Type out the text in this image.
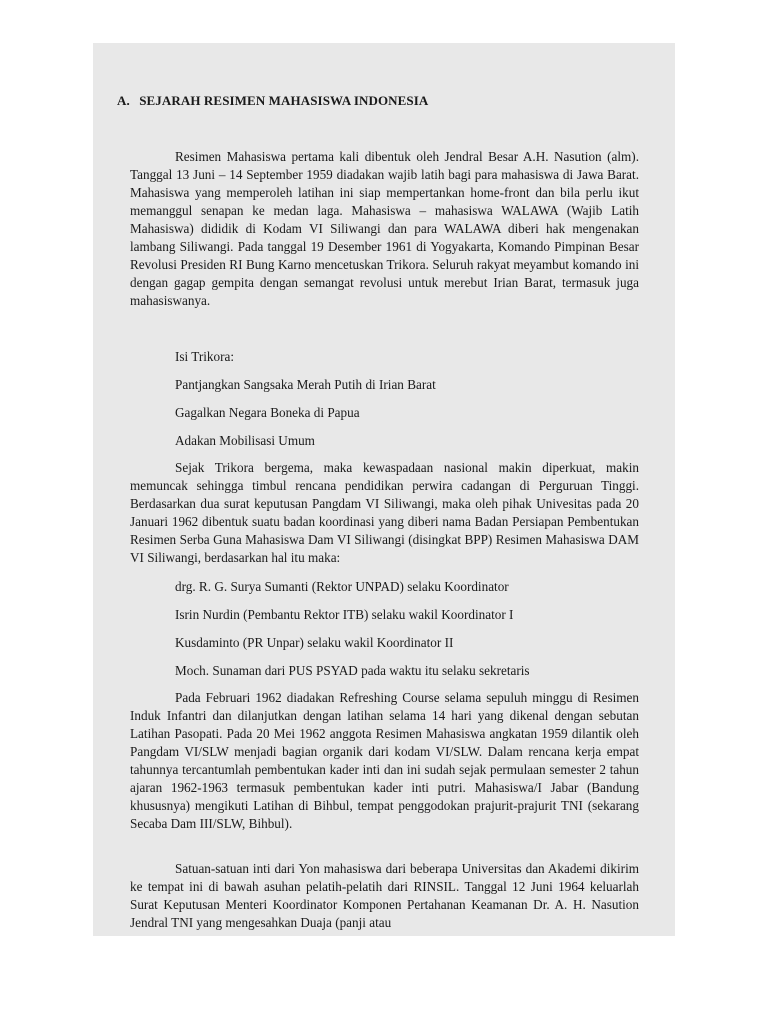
A. SEJARAH RESIMEN MAHASISWA INDONESIA

Resimen Mahasiswa pertama kali dibentuk oleh Jendral Besar A.H. Nasution (alm). Tanggal 13 Juni – 14 September 1959 diadakan wajib latih bagi para mahasiswa di Jawa Barat. Mahasiswa yang memperoleh latihan ini siap mempertankan home-front dan bila perlu ikut memanggul senapan ke medan laga. Mahasiswa – mahasiswa WALAWA (Wajib Latih Mahasiswa) dididik di Kodam VI Siliwangi dan para WALAWA diberi hak mengenakan lambang Siliwangi. Pada tanggal 19 Desember 1961 di Yogyakarta, Komando Pimpinan Besar Revolusi Presiden RI Bung Karno mencetuskan Trikora. Seluruh rakyat meyambut komando ini dengan gagap gempita dengan semangat revolusi untuk merebut Irian Barat, termasuk juga mahasiswanya.

Isi Trikora:
Pantjangkan Sangsaka Merah Putih di Irian Barat
Gagalkan Negara Boneka di Papua
Adakan Mobilisasi Umum

Sejak Trikora bergema, maka kewaspadaan nasional makin diperkuat, makin memuncak sehingga timbul rencana pendidikan perwira cadangan di Perguruan Tinggi. Berdasarkan dua surat keputusan Pangdam VI Siliwangi, maka oleh pihak Univesitas pada 20 Januari 1962 dibentuk suatu badan koordinasi yang diberi nama Badan Persiapan Pembentukan Resimen Serba Guna Mahasiswa Dam VI Siliwangi (disingkat BPP) Resimen Mahasiswa DAM VI Siliwangi, berdasarkan hal itu maka:

drg. R. G. Surya Sumanti (Rektor UNPAD) selaku Koordinator
Isrin Nurdin (Pembantu Rektor ITB) selaku wakil Koordinator I
Kusdaminto (PR Unpar) selaku wakil Koordinator II
Moch. Sunaman dari PUS PSYAD pada waktu itu selaku sekretaris

Pada Februari 1962 diadakan Refreshing Course selama sepuluh minggu di Resimen Induk Infantri dan dilanjutkan dengan latihan selama 14 hari yang dikenal dengan sebutan Latihan Pasopati. Pada 20 Mei 1962 anggota Resimen Mahasiswa angkatan 1959 dilantik oleh Pangdam VI/SLW menjadi bagian organik dari kodam VI/SLW. Dalam rencana kerja empat tahunnya tercantumlah pembentukan kader inti dan ini sudah sejak permulaan semester 2 tahun ajaran 1962-1963 termasuk pembentukan kader inti putri. Mahasiswa/I Jabar (Bandung khususnya) mengikuti Latihan di Bihbul, tempat penggodokan prajurit-prajurit TNI (sekarang Secaba Dam III/SLW, Bihbul).

Satuan-satuan inti dari Yon mahasiswa dari beberapa Universitas dan Akademi dikirim ke tempat ini di bawah asuhan pelatih-pelatih dari RINSIL. Tanggal 12 Juni 1964 keluarlah Surat Keputusan Menteri Koordinator Komponen Pertahanan Keamanan Dr. A. H. Nasution Jendral TNI yang mengesahkan Duaja (panji atau
